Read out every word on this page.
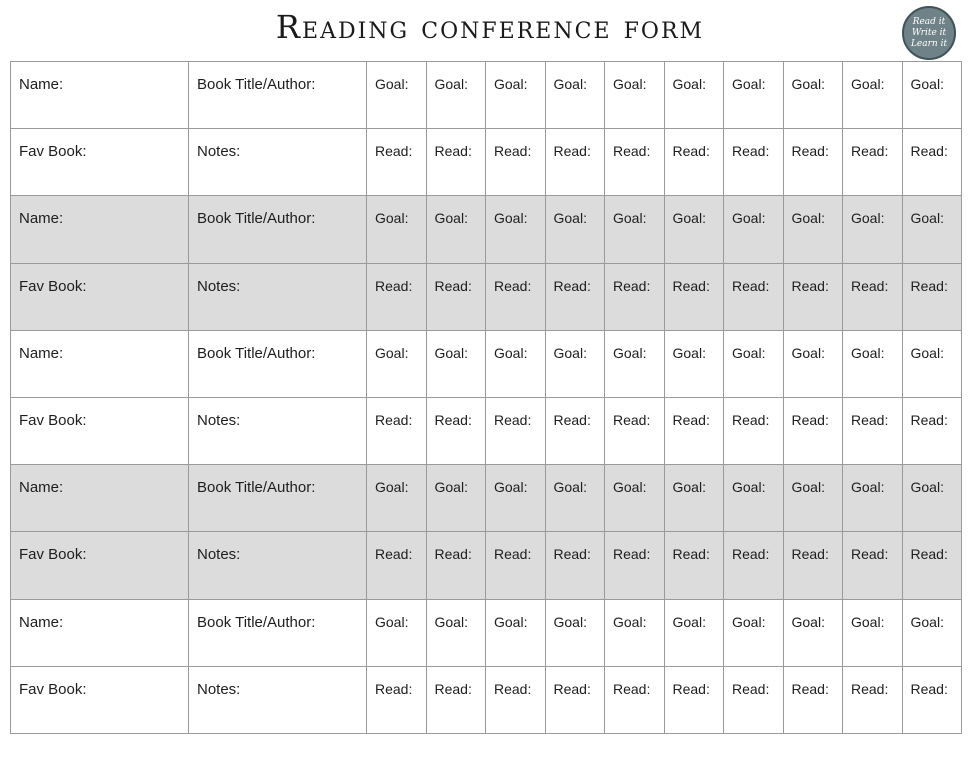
Reading conference form	Read it
Write it
Learn it
Name:	Book Title/Author:	Goal:	Goal:	Goal:	Goal:	Goal:	Goal:	Goal:	Goal:	Goal:	Goal:
Fav Book:	Notes:	Read:	Read:	Read:	Read:	Read:	Read:	Read:	Read:	Read:	Read:
Name:	Book Title/Author:	Goal:	Goal:	Goal:	Goal:	Goal:	Goal:	Goal:	Goal:	Goal:	Goal:
Fav Book:	Notes:	Read:	Read:	Read:	Read:	Read:	Read:	Read:	Read:	Read:	Read:
Name:	Book Title/Author:	Goal:	Goal:	Goal:	Goal:	Goal:	Goal:	Goal:	Goal:	Goal:	Goal:
Fav Book:	Notes:	Read:	Read:	Read:	Read:	Read:	Read:	Read:	Read:	Read:	Read:
Name:	Book Title/Author:	Goal:	Goal:	Goal:	Goal:	Goal:	Goal:	Goal:	Goal:	Goal:	Goal:
Fav Book:	Notes:	Read:	Read:	Read:	Read:	Read:	Read:	Read:	Read:	Read:	Read:
Name:	Book Title/Author:	Goal:	Goal:	Goal:	Goal:	Goal:	Goal:	Goal:	Goal:	Goal:	Goal:
Fav Book:	Notes:	Read:	Read:	Read:	Read:	Read:	Read:	Read:	Read:	Read:	Read:
